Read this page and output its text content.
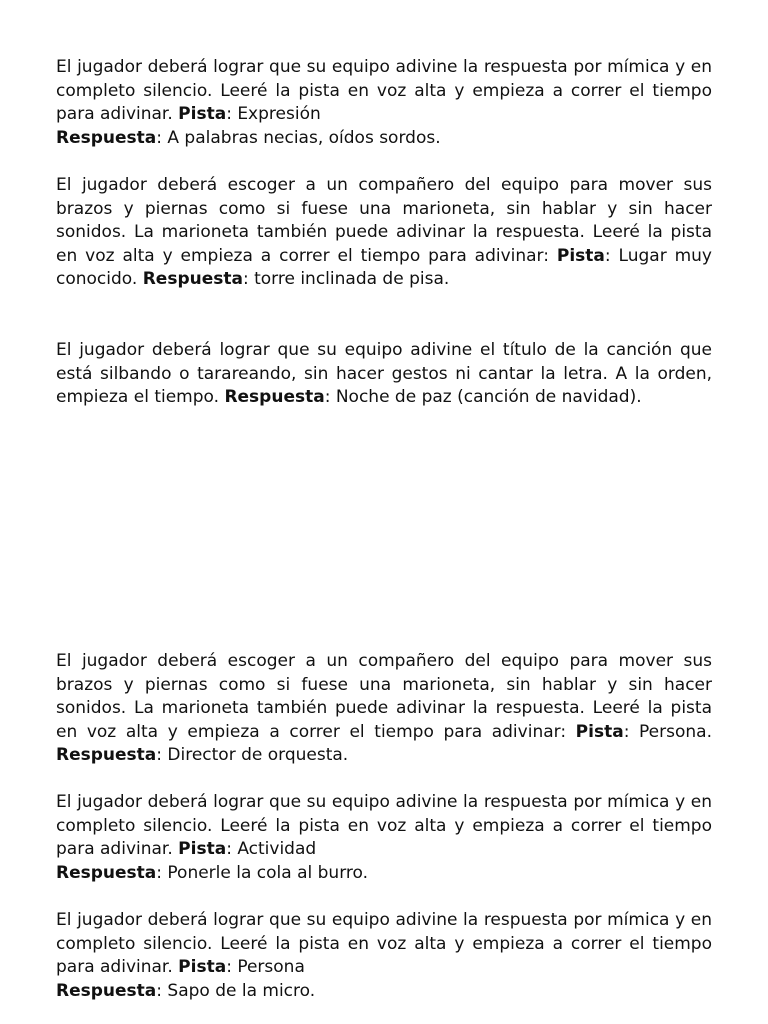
El jugador deberá lograr que su equipo adivine la respuesta por mímica y en completo silencio. Leeré la pista en voz alta y empieza a correr el tiempo para adivinar. Pista: Expresión
Respuesta: A palabras necias, oídos sordos.

El jugador deberá escoger a un compañero del equipo para mover sus brazos y piernas como si fuese una marioneta, sin hablar y sin hacer sonidos. La marioneta también puede adivinar la respuesta. Leeré la pista en voz alta y empieza a correr el tiempo para adivinar: Pista: Lugar muy conocido. Respuesta: torre inclinada de pisa.

El jugador deberá lograr que su equipo adivine el título de la canción que está silbando o tarareando, sin hacer gestos ni cantar la letra. A la orden, empieza el tiempo. Respuesta: Noche de paz (canción de navidad).

El jugador deberá escoger a un compañero del equipo para mover sus brazos y piernas como si fuese una marioneta, sin hablar y sin hacer sonidos. La marioneta también puede adivinar la respuesta. Leeré la pista en voz alta y empieza a correr el tiempo para adivinar: Pista: Persona. Respuesta: Director de orquesta.

El jugador deberá lograr que su equipo adivine la respuesta por mímica y en completo silencio. Leeré la pista en voz alta y empieza a correr el tiempo para adivinar. Pista: Actividad
Respuesta: Ponerle la cola al burro.

El jugador deberá lograr que su equipo adivine la respuesta por mímica y en completo silencio. Leeré la pista en voz alta y empieza a correr el tiempo para adivinar. Pista: Persona
Respuesta: Sapo de la micro.
